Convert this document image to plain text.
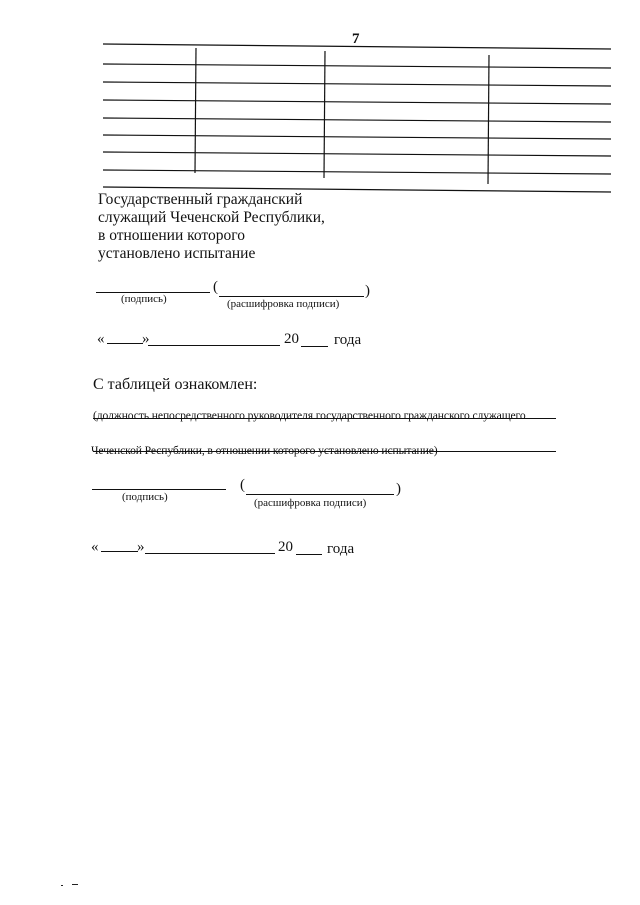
7
Государственный гражданский
служащий Чеченской Республики,
в отношении которого
установлено испытание
(	)
(подпись)	(расшифровка подписи)
«	»	20 года
С таблицей ознакомлен:
(должность непосредственного руководителя государственного гражданского служащего
Чеченской Республики, в отношении которого установлено испытание)
(	)
(подпись)	(расшифровка подписи)
«	»	20 года
